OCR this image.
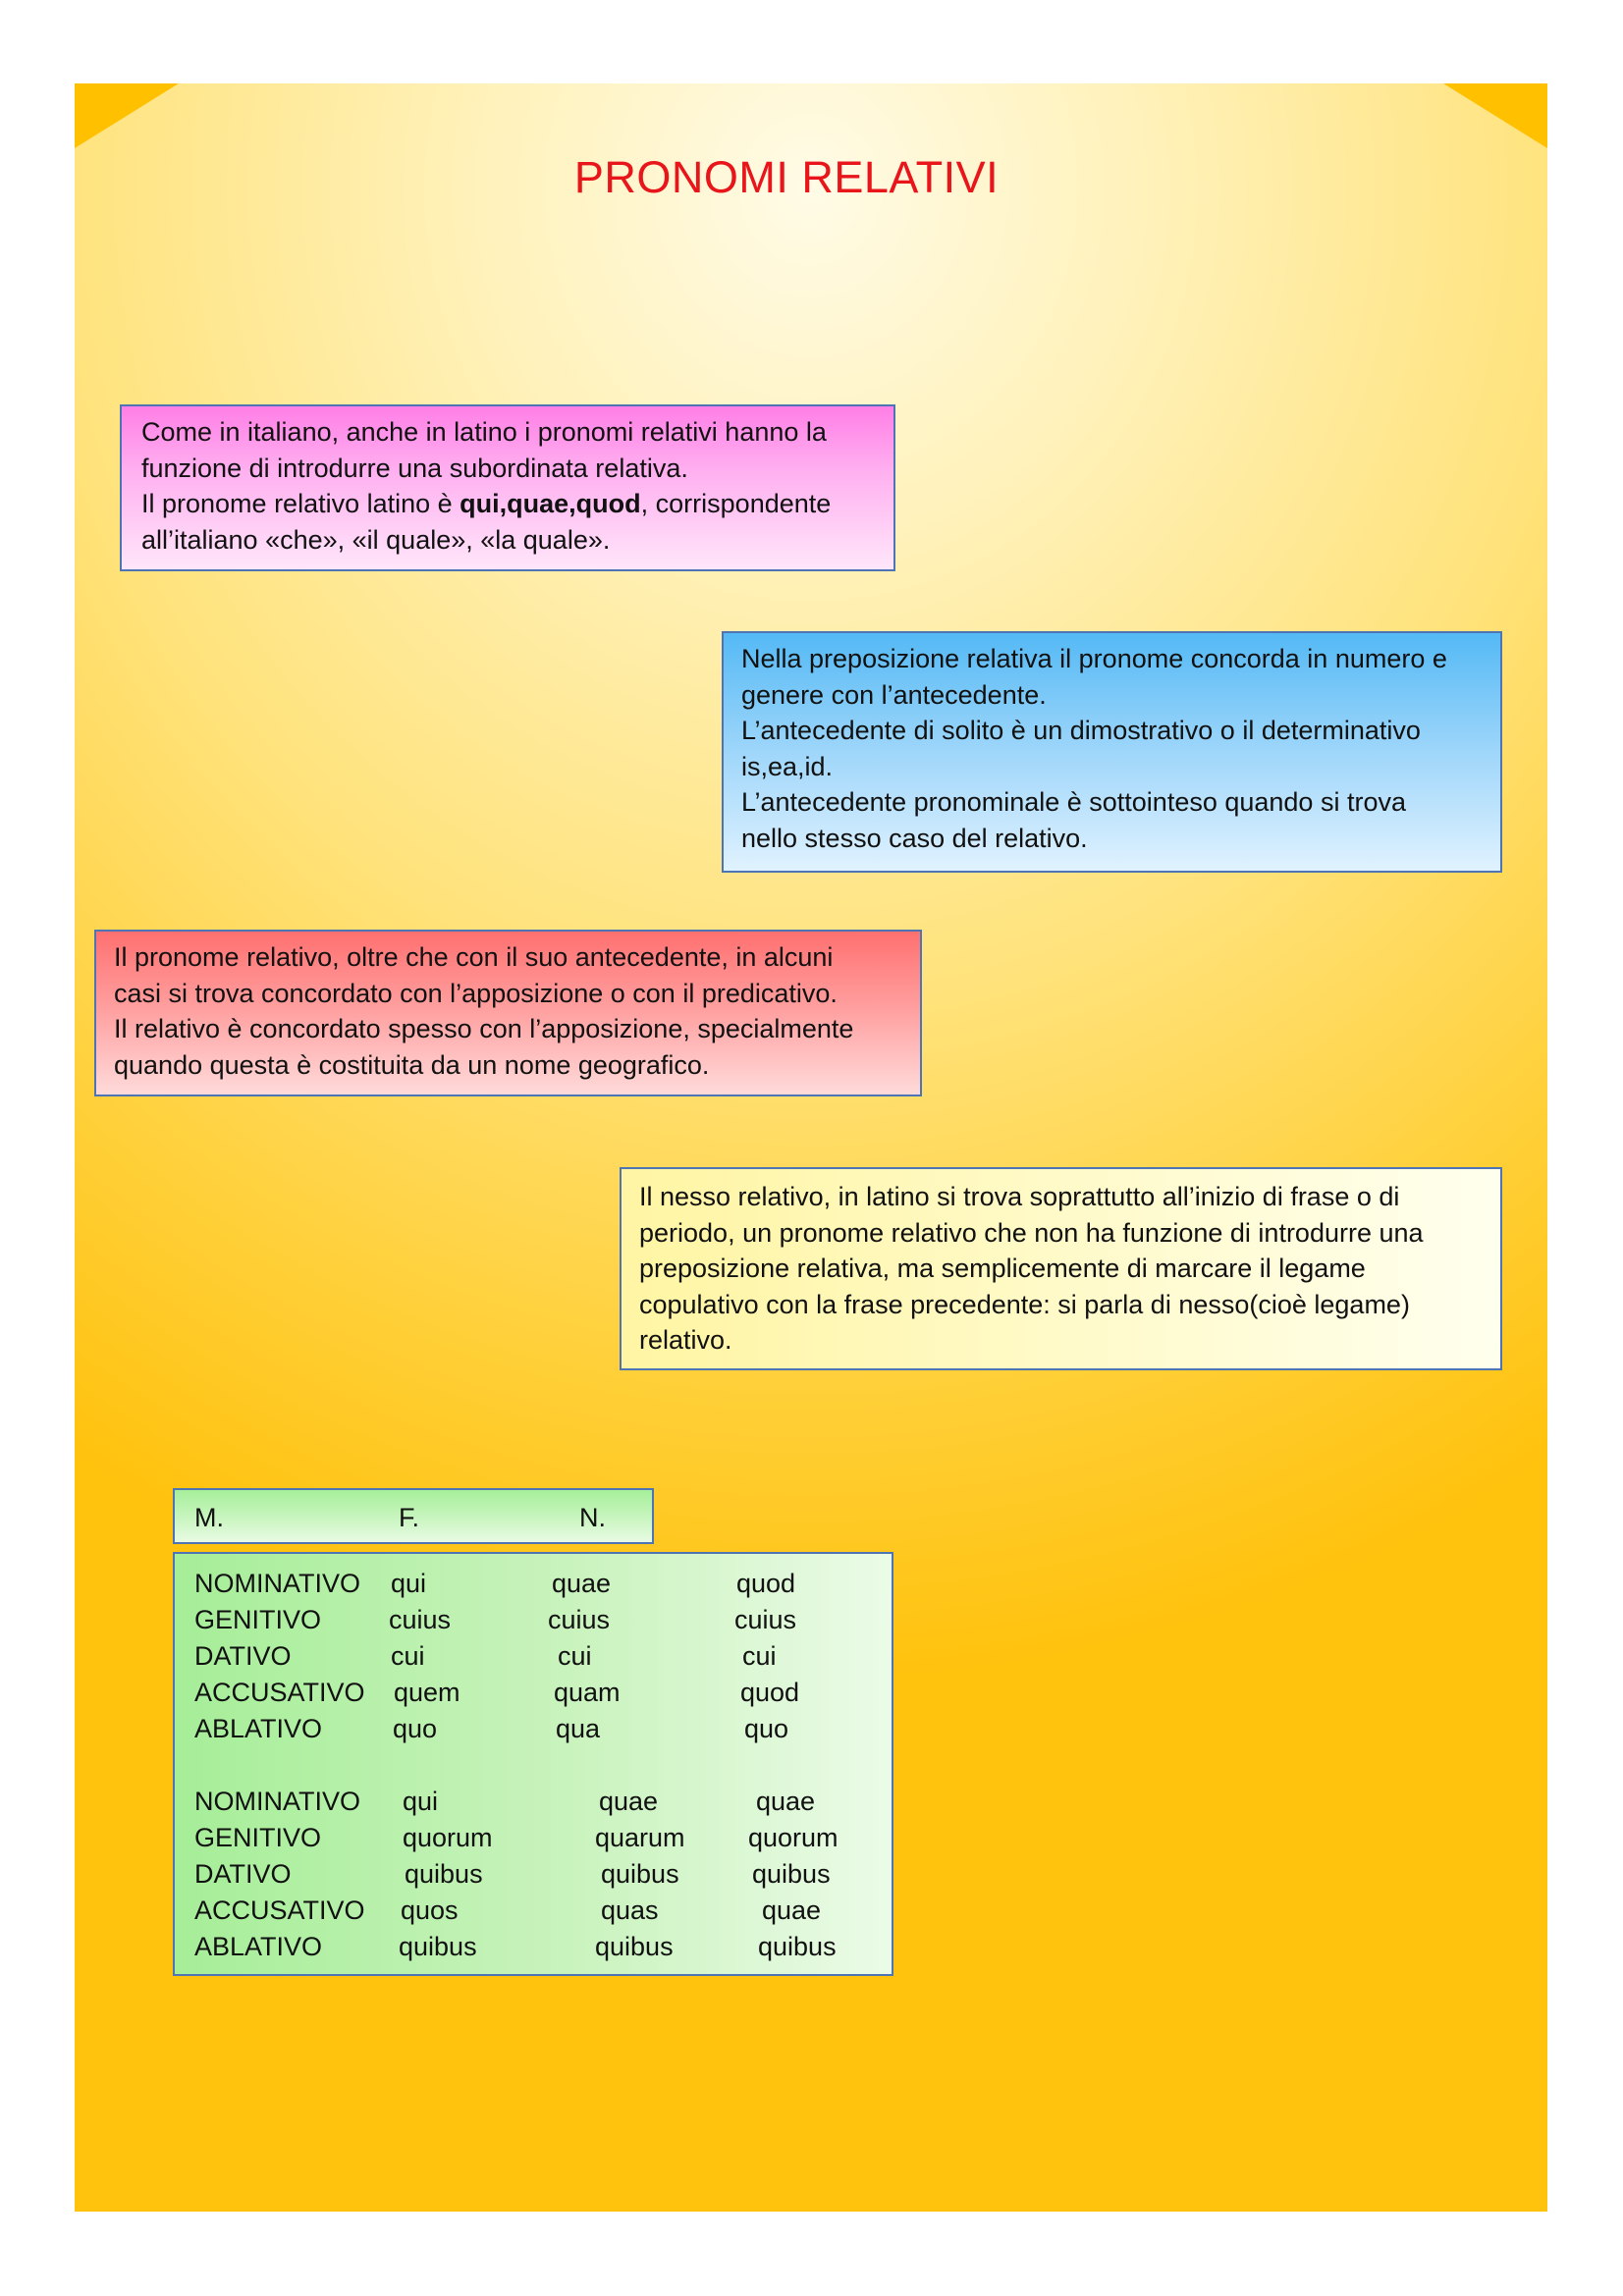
PRONOMI RELATIVI

Come in italiano, anche in latino i pronomi relativi hanno la

funzione di introdurre una subordinata relativa.

Il pronome relativo latino è qui,quae,quod, corrispondente

all’italiano «che», «il quale», «la quale».

Nella preposizione relativa il pronome concorda in numero e

genere con l’antecedente.

L’antecedente di solito è un dimostrativo o il determinativo

is,ea,id.

L’antecedente pronominale è sottointeso quando si trova

nello stesso caso del relativo.

Il pronome relativo, oltre che con il suo antecedente, in alcuni

casi si trova concordato con l’apposizione o con il predicativo.

Il relativo è concordato spesso con l’apposizione, specialmente

quando questa è costituita da un nome geografico.

Il nesso relativo, in latino si trova soprattutto all’inizio di frase o di

periodo, un pronome relativo che non ha funzione di introdurre una

preposizione relativa, ma semplicemente di marcare il legame

copulativo con la frase precedente: si parla di nesso(cioè legame)

relativo.

M.	F.	N.
NOMINATIVO qui	quae	quod
GENITIVO	cuius	cuius	cuius
DATIVO	cui	cui	cui
ACCUSATIVO quem	quam	quod
ABLATIVO	quo	qua	quo
NOMINATIVO qui	quae	quae
GENITIVO	quorum	quarum quorum
DATIVO	quibus	quibus	quibus
ACCUSATIVO quos	quas	quae
ABLATIVO	quibus	quibus	quibus
